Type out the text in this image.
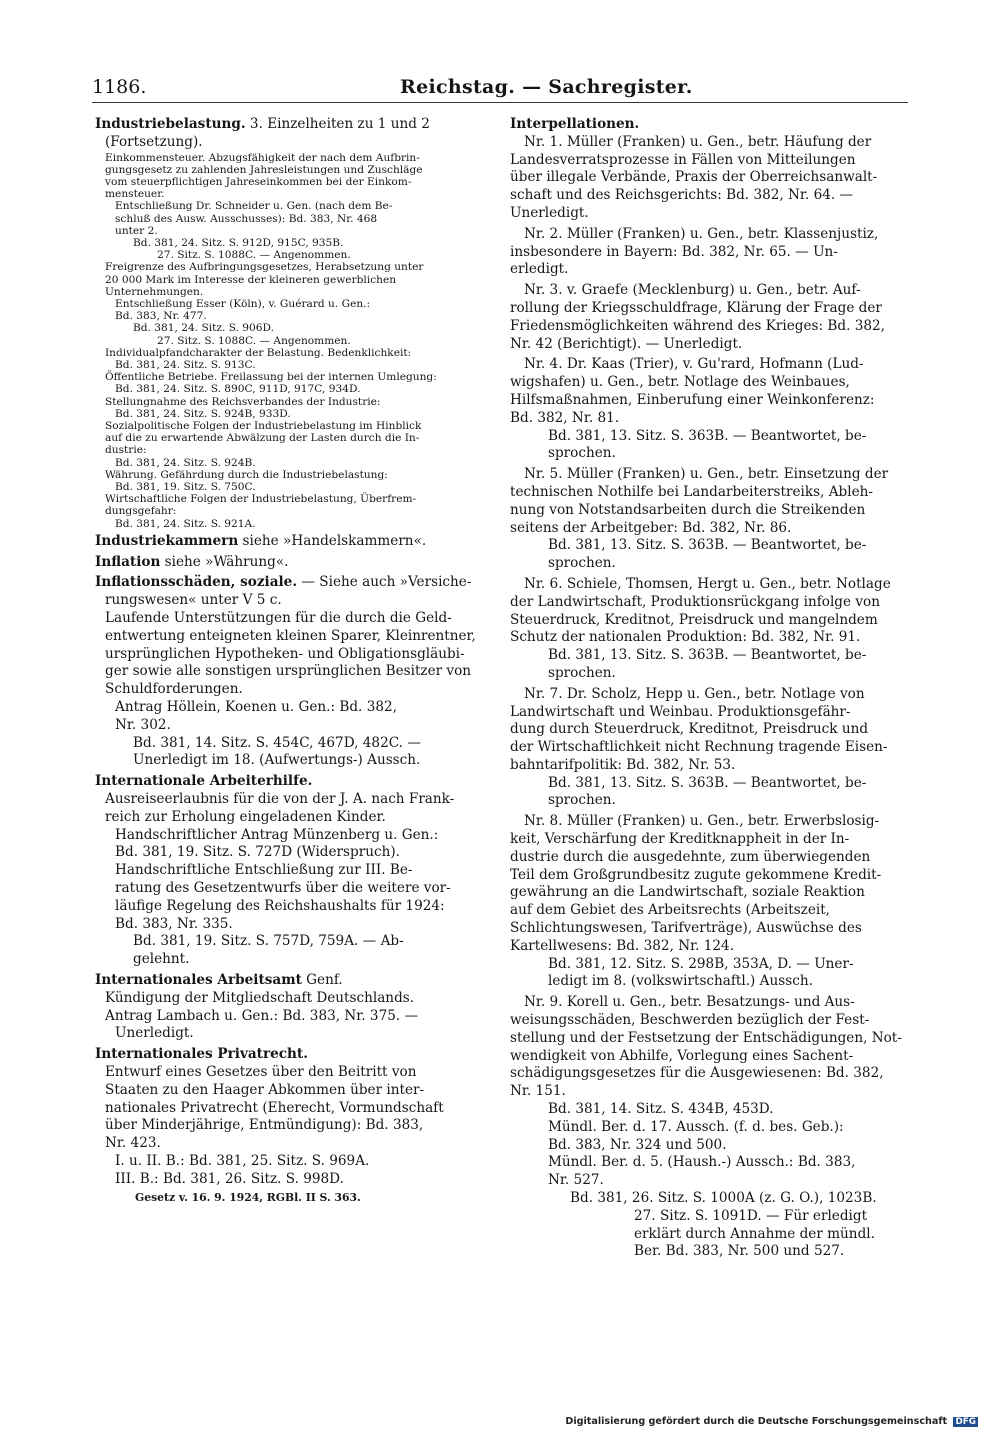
1186.	Reichstag. — Sachregister.

Industriebelastung. 3. Einzelheiten zu 1 und 2

(Fortsetzung).

Einkommensteuer. Abzugsfähigkeit der nach dem Aufbrin-

gungsgesetz zu zahlenden Jahresleistungen und Zuschläge

vom steuerpflichtigen Jahreseinkommen bei der Einkom-

mensteuer.

Entschließung Dr. Schneider u. Gen. (nach dem Be-

schluß des Ausw. Ausschusses): Bd. 383, Nr. 468

unter 2.

Bd. 381, 24. Sitz. S. 912D, 915C, 935B.

27. Sitz. S. 1088C. — Angenommen.

Freigrenze des Aufbringungsgesetzes, Herabsetzung unter

20 000 Mark im Interesse der kleineren gewerblichen

Unternehmungen.

Entschließung Esser (Köln), v. Guérard u. Gen.:

Bd. 383, Nr. 477.

Bd. 381, 24. Sitz. S. 906D.

27. Sitz. S. 1088C. — Angenommen.

Individualpfandcharakter der Belastung. Bedenklichkeit:

Bd. 381, 24. Sitz. S. 913C.

Öffentliche Betriebe. Freilassung bei der internen Umlegung:

Bd. 381, 24. Sitz. S. 890C, 911D, 917C, 934D.

Stellungnahme des Reichsverbandes der Industrie:

Bd. 381, 24. Sitz. S. 924B, 933D.

Sozialpolitische Folgen der Industriebelastung im Hinblick

auf die zu erwartende Abwälzung der Lasten durch die In-

dustrie:

Bd. 381, 24. Sitz. S. 924B.

Währung. Gefährdung durch die Industriebelastung:

Bd. 381, 19. Sitz. S. 750C.

Wirtschaftliche Folgen der Industriebelastung, Überfrem-

dungsgefahr:

Bd. 381, 24. Sitz. S. 921A.

Industriekammern siehe »Handelskammern«.

Inflation siehe »Währung«.

Inflationsschäden, soziale. — Siehe auch »Versiche-

rungswesen« unter V 5 c.

Laufende Unterstützungen für die durch die Geld-

entwertung enteigneten kleinen Sparer, Kleinrentner,

ursprünglichen Hypotheken- und Obligationsgläubi-

ger sowie alle sonstigen ursprünglichen Besitzer von

Schuldforderungen.

Antrag Höllein, Koenen u. Gen.: Bd. 382,

Nr. 302.

Bd. 381, 14. Sitz. S. 454C, 467D, 482C. —

Unerledigt im 18. (Aufwertungs-) Aussch.

Internationale Arbeiterhilfe.

Ausreiseerlaubnis für die von der J. A. nach Frank-

reich zur Erholung eingeladenen Kinder.

Handschriftlicher Antrag Münzenberg u. Gen.:

Bd. 381, 19. Sitz. S. 727D (Widerspruch).

Handschriftliche Entschließung zur III. Be-

ratung des Gesetzentwurfs über die weitere vor-

läufige Regelung des Reichshaushalts für 1924:

Bd. 383, Nr. 335.

Bd. 381, 19. Sitz. S. 757D, 759A. — Ab-

gelehnt.

Internationales Arbeitsamt Genf.

Kündigung der Mitgliedschaft Deutschlands.

Antrag Lambach u. Gen.: Bd. 383, Nr. 375. —

Unerledigt.

Internationales Privatrecht.

Entwurf eines Gesetzes über den Beitritt von

Staaten zu den Haager Abkommen über inter-

nationales Privatrecht (Eherecht, Vormundschaft

über Minderjährige, Entmündigung): Bd. 383,

Nr. 423.

I. u. II. B.: Bd. 381, 25. Sitz. S. 969A.

III. B.: Bd. 381, 26. Sitz. S. 998D.

Gesetz v. 16. 9. 1924, RGBl. II S. 363.

Interpellationen.

Nr. 1. Müller (Franken) u. Gen., betr. Häufung der

Landesverratsprozesse in Fällen von Mitteilungen

über illegale Verbände, Praxis der Oberreichsanwalt-

schaft und des Reichsgerichts: Bd. 382, Nr. 64. —

Unerledigt.

Nr. 2. Müller (Franken) u. Gen., betr. Klassenjustiz,

insbesondere in Bayern: Bd. 382, Nr. 65. — Un-

erledigt.

Nr. 3. v. Graefe (Mecklenburg) u. Gen., betr. Auf-

rollung der Kriegsschuldfrage, Klärung der Frage der

Friedensmöglichkeiten während des Krieges: Bd. 382,

Nr. 42 (Berichtigt). — Unerledigt.

Nr. 4. Dr. Kaas (Trier), v. Gu'rard, Hofmann (Lud-

wigshafen) u. Gen., betr. Notlage des Weinbaues,

Hilfsmaßnahmen, Einberufung einer Weinkonferenz:

Bd. 382, Nr. 81.

Bd. 381, 13. Sitz. S. 363B. — Beantwortet, be-

sprochen.

Nr. 5. Müller (Franken) u. Gen., betr. Einsetzung der

technischen Nothilfe bei Landarbeiterstreiks, Ableh-

nung von Notstandsarbeiten durch die Streikenden

seitens der Arbeitgeber: Bd. 382, Nr. 86.

Bd. 381, 13. Sitz. S. 363B. — Beantwortet, be-

sprochen.

Nr. 6. Schiele, Thomsen, Hergt u. Gen., betr. Notlage

der Landwirtschaft, Produktionsrückgang infolge von

Steuerdruck, Kreditnot, Preisdruck und mangelndem

Schutz der nationalen Produktion: Bd. 382, Nr. 91.

Bd. 381, 13. Sitz. S. 363B. — Beantwortet, be-

sprochen.

Nr. 7. Dr. Scholz, Hepp u. Gen., betr. Notlage von

Landwirtschaft und Weinbau. Produktionsgefähr-

dung durch Steuerdruck, Kreditnot, Preisdruck und

der Wirtschaftlichkeit nicht Rechnung tragende Eisen-

bahntarifpolitik: Bd. 382, Nr. 53.

Bd. 381, 13. Sitz. S. 363B. — Beantwortet, be-

sprochen.

Nr. 8. Müller (Franken) u. Gen., betr. Erwerbslosig-

keit, Verschärfung der Kreditknappheit in der In-

dustrie durch die ausgedehnte, zum überwiegenden

Teil dem Großgrundbesitz zugute gekommene Kredit-

gewährung an die Landwirtschaft, soziale Reaktion

auf dem Gebiet des Arbeitsrechts (Arbeitszeit,

Schlichtungswesen, Tarifverträge), Auswüchse des

Kartellwesens: Bd. 382, Nr. 124.

Bd. 381, 12. Sitz. S. 298B, 353A, D. — Uner-

ledigt im 8. (volkswirtschaftl.) Aussch.

Nr. 9. Korell u. Gen., betr. Besatzungs- und Aus-

weisungsschäden, Beschwerden bezüglich der Fest-

stellung und der Festsetzung der Entschädigungen, Not-

wendigkeit von Abhilfe, Vorlegung eines Sachent-

schädigungsgesetzes für die Ausgewiesenen: Bd. 382,

Nr. 151.

Bd. 381, 14. Sitz. S. 434B, 453D.

Mündl. Ber. d. 17. Aussch. (f. d. bes. Geb.):

Bd. 383, Nr. 324 und 500.

Mündl. Ber. d. 5. (Haush.-) Aussch.: Bd. 383,

Nr. 527.

Bd. 381, 26. Sitz. S. 1000A (z. G. O.), 1023B.

27. Sitz. S. 1091D. — Für erledigt

erklärt durch Annahme der mündl.

Ber. Bd. 383, Nr. 500 und 527.

Digitalisierung gefördert durch die Deutsche Forschungsgemeinschaft DFG
